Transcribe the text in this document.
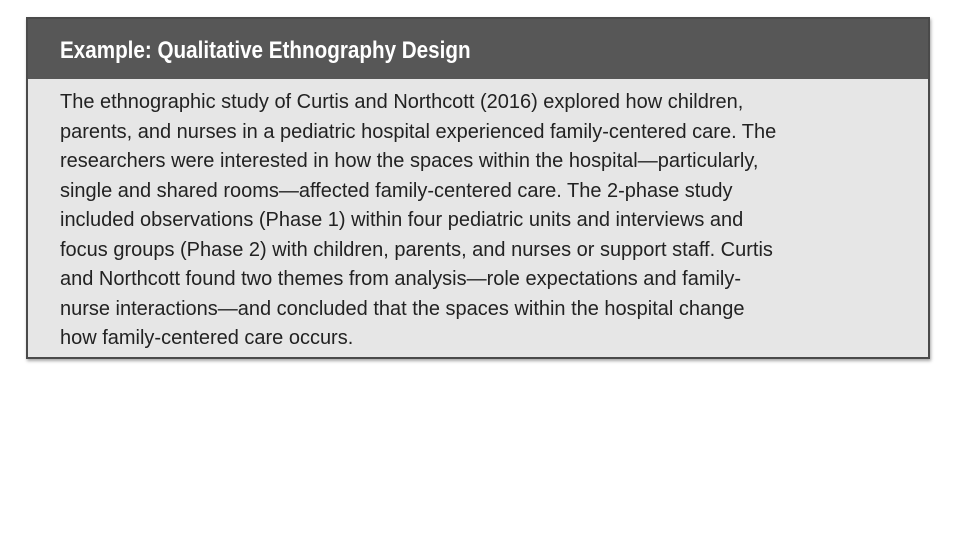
Example: Qualitative Ethnography Design
The ethnographic study of Curtis and Northcott (2016) explored how children,
parents, and nurses in a pediatric hospital experienced family-centered care. The
researchers were interested in how the spaces within the hospital—particularly,
single and shared rooms—affected family-centered care. The 2-phase study
included observations (Phase 1) within four pediatric units and interviews and
focus groups (Phase 2) with children, parents, and nurses or support staff. Curtis
and Northcott found two themes from analysis—role expectations and family-
nurse interactions—and concluded that the spaces within the hospital change
how family-centered care occurs.
